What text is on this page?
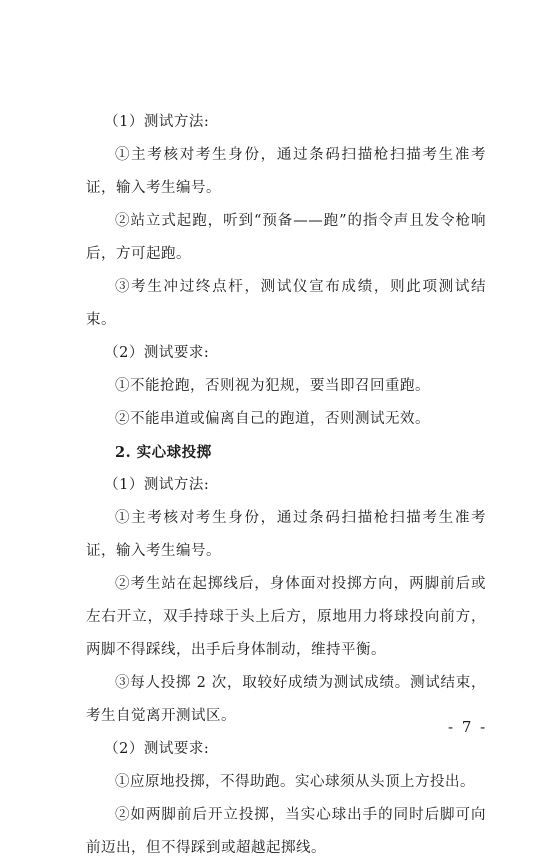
（1）测试方法:

①主考核对考生身份，通过条码扫描枪扫描考生准考证，输入考生编号。

②站立式起跑，听到“预备——跑”的指令声且发令枪响后，方可起跑。

③考生冲过终点杆，测试仪宣布成绩，则此项测试结束。

（2）测试要求:

①不能抢跑，否则视为犯规，要当即召回重跑。

②不能串道或偏离自己的跑道，否则测试无效。

2. 实心球投掷

（1）测试方法:

①主考核对考生身份，通过条码扫描枪扫描考生准考证，输入考生编号。

②考生站在起掷线后，身体面对投掷方向，两脚前后或左右开立，双手持球于头上后方，原地用力将球投向前方，两脚不得踩线，出手后身体制动，维持平衡。

③每人投掷 2 次，取较好成绩为测试成绩。测试结束，考生自觉离开测试区。

（2）测试要求:

①应原地投掷，不得助跑。实心球须从头顶上方投出。

②如两脚前后开立投掷，当实心球出手的同时后脚可向前迈出，但不得踩到或超越起掷线。

- 7 -
